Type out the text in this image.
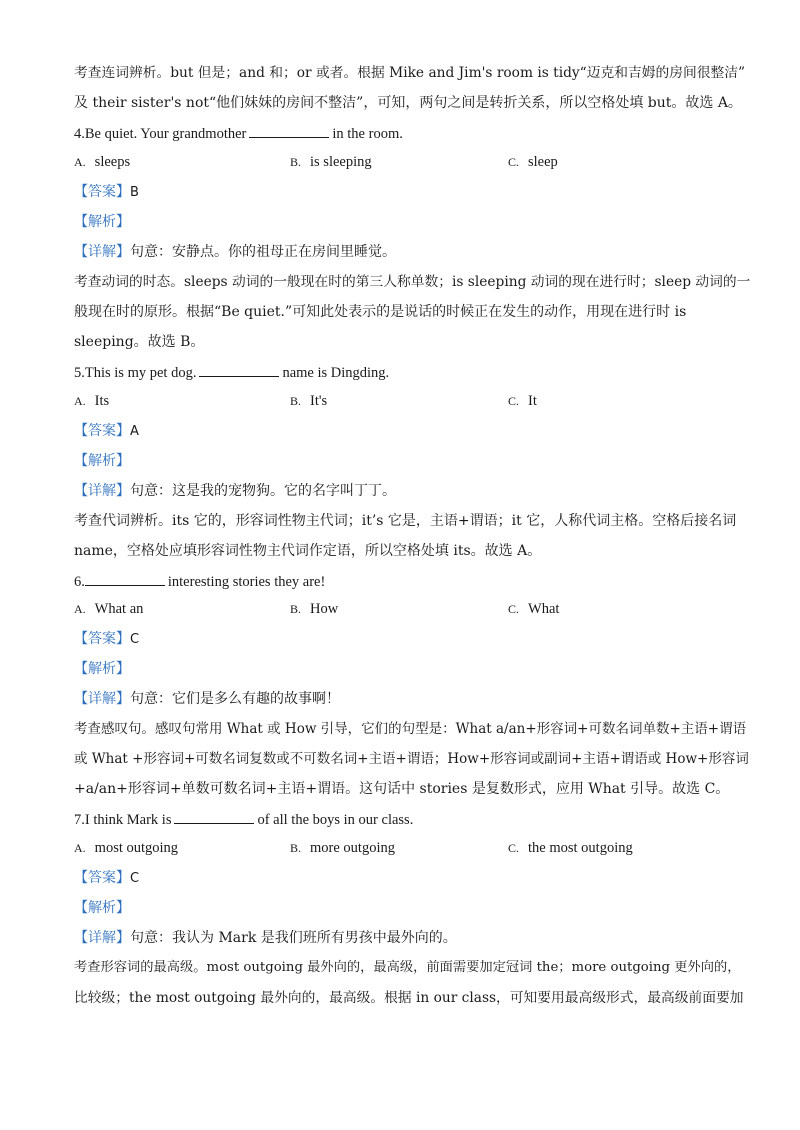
考查连词辨析。but 但是；and 和；or 或者。根据 Mike and Jim's room is tidy“迈克和吉姆的房间很整洁”

及 their sister's not“他们妹妹的房间不整洁”，可知，两句之间是转折关系，所以空格处填 but。故选 A。

4.Be quiet. Your grandmother	in the room.

A. sleeps	B. is sleeping	C. sleep

【答案】B

【解析】

【详解】句意：安静点。你的祖母正在房间里睡觉。

考查动词的时态。sleeps 动词的一般现在时的第三人称单数；is sleeping 动词的现在进行时；sleep 动词的一

般现在时的原形。根据“Be quiet.”可知此处表示的是说话的时候正在发生的动作，用现在进行时 is

sleeping。故选 B。

5.This is my pet dog.	name is Dingding.

A. Its	B. It's	C. It

【答案】A

【解析】

【详解】句意：这是我的宠物狗。它的名字叫丁丁。

考查代词辨析。its 它的，形容词性物主代词；it’s 它是，主语+谓语；it 它，人称代词主格。空格后接名词

name，空格处应填形容词性物主代词作定语，所以空格处填 its。故选 A。

6.	interesting stories they are!

A. What an	B. How	C. What

【答案】C

【解析】

【详解】句意：它们是多么有趣的故事啊！

考查感叹句。感叹句常用 What 或 How 引导，它们的句型是：What a/an+形容词+可数名词单数+主语+谓语

或 What +形容词+可数名词复数或不可数名词+主语+谓语；How+形容词或副词+主语+谓语或 How+形容词

+a/an+形容词+单数可数名词+主语+谓语。这句话中 stories 是复数形式，应用 What 引导。故选 C。

7.I think Mark is	of all the boys in our class.

A. most outgoing	B. more outgoing	C. the most outgoing

【答案】C

【解析】

【详解】句意：我认为 Mark 是我们班所有男孩中最外向的。

考查形容词的最高级。most outgoing 最外向的，最高级，前面需要加定冠词 the；more outgoing 更外向的，

比较级；the most outgoing 最外向的，最高级。根据 in our class，可知要用最高级形式，最高级前面要加
